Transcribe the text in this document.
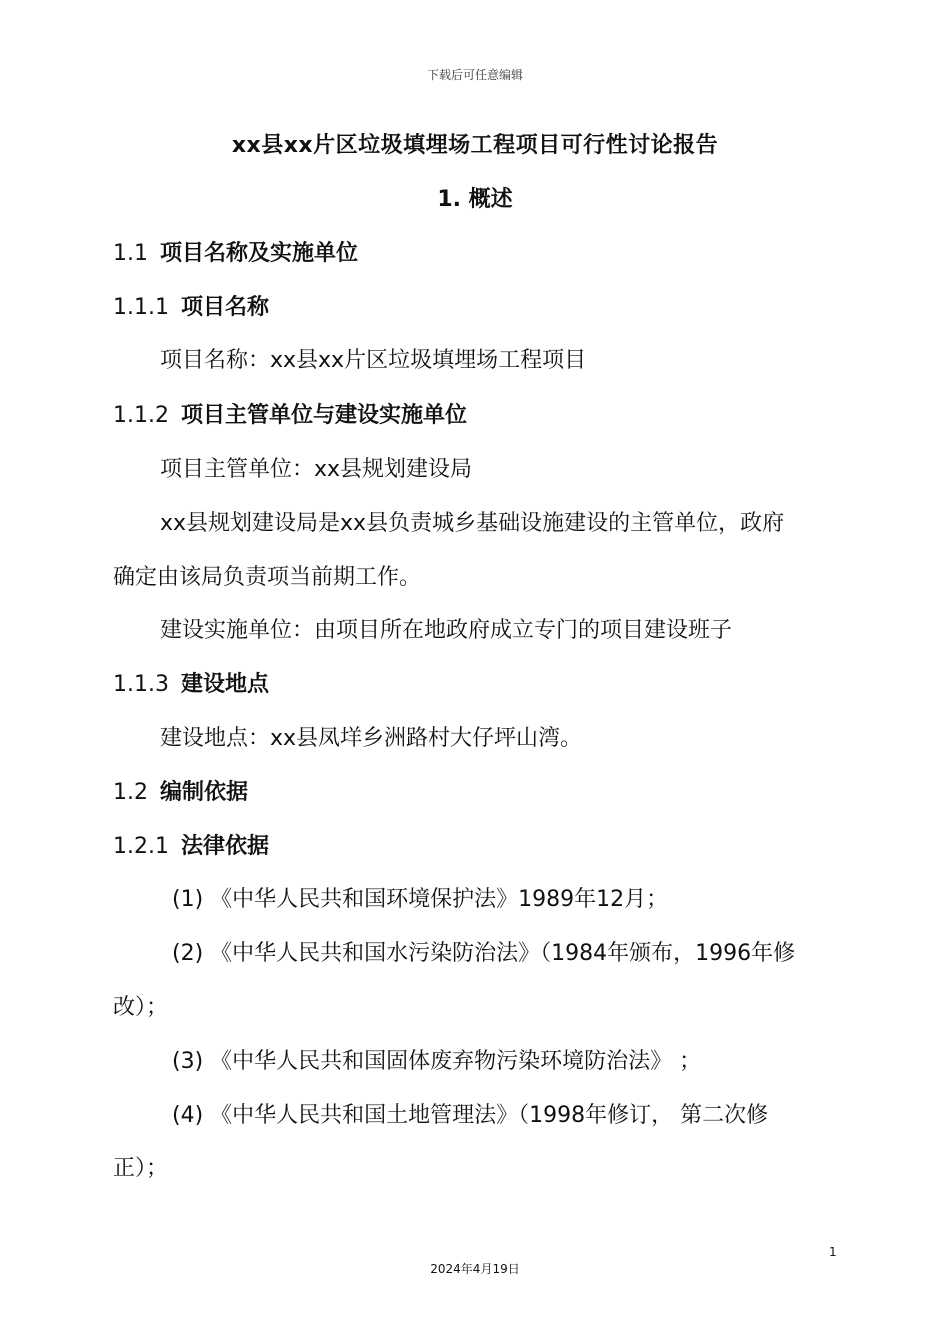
下载后可任意编辑
xx县xx片区垃圾填埋场工程项目可行性讨论报告
1. 概述
1.1 项目名称及实施单位
1.1.1 项目名称
项目名称：xx县xx片区垃圾填埋场工程项目
1.1.2 项目主管单位与建设实施单位
项目主管单位：xx县规划建设局
xx县规划建设局是xx县负责城乡基础设施建设的主管单位，政府
确定由该局负责项当前期工作。
建设实施单位：由项目所在地政府成立专门的项目建设班子
1.1.3 建设地点
建设地点：xx县凤垟乡洲路村大仔坪山湾。
1.2 编制依据
1.2.1 法律依据
(1) 《中华人民共和国环境保护法》1989年12月；
(2) 《中华人民共和国水污染防治法》（1984年颁布，1996年修
改）；
(3) 《中华人民共和国固体废弃物污染环境防治法》 ；
(4) 《中华人民共和国土地管理法》（1998年修订， 第二次修
正）；
1
2024年4月19日
